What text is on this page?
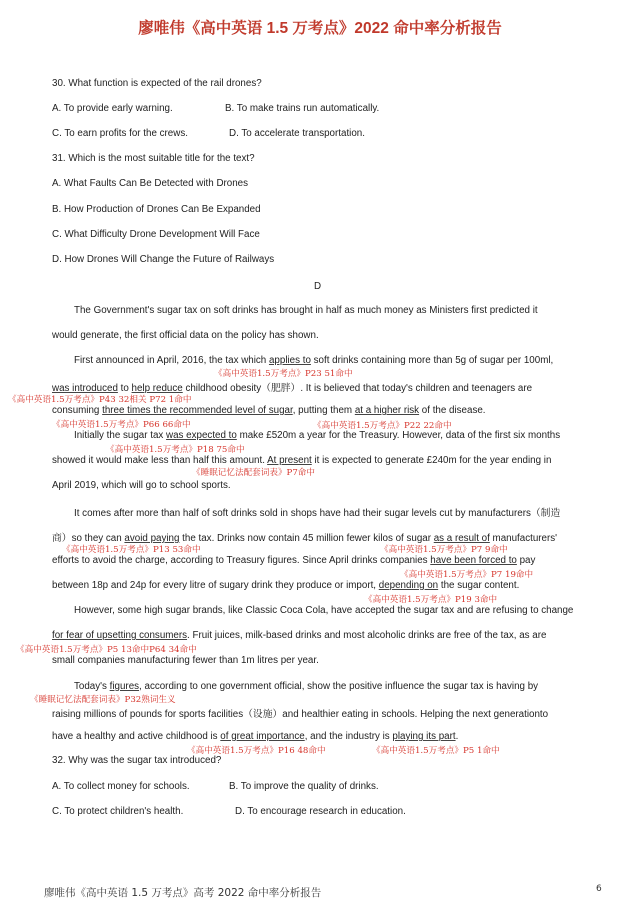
廖唯伟《高中英语 1.5 万考点》2022 命中率分析报告
30. What function is expected of the rail drones?
A. To provide early warning.	B. To make trains run automatically.
C. To earn profits for the crews.	D. To accelerate transportation.
31. Which is the most suitable title for the text?
A. What Faults Can Be Detected with Drones
B. How Production of Drones Can Be Expanded
C. What Difficulty Drone Development Will Face
D. How Drones Will Change the Future of Railways
D
The Government's sugar tax on soft drinks has brought in half as much money as Ministers first predicted it
would generate, the first official data on the policy has shown.
First announced in April, 2016, the tax which applies to soft drinks containing more than 5g of sugar per 100ml,
《高中英语1.5万考点》P23 51命中
was introduced to help reduce childhood obesity（肥胖）. It is believed that today's children and teenagers are
《高中英语1.5万考点》P43 32相关 P72 1命中
consuming three times the recommended level of sugar, putting them at a higher risk of the disease.
《高中英语1.5万考点》P66 66命中	《高中英语1.5万考点》P22 22命中
Initially the sugar tax was expected to make £520m a year for the Treasury. However, data of the first six months
《高中英语1.5万考点》P18 75命中
showed it would make less than half this amount. At present it is expected to generate £240m for the year ending in
《睡眠记忆法配套词表》P7命中
April 2019, which will go to school sports.
It comes after more than half of soft drinks sold in shops have had their sugar levels cut by manufacturers（制造
商）so they can avoid paying the tax. Drinks now contain 45 million fewer kilos of sugar as a result of manufacturers'
《高中英语1.5万考点》P13 53命中	《高中英语1.5万考点》P7 9命中
efforts to avoid the charge, according to Treasury figures. Since April drinks companies have been forced to pay
《高中英语1.5万考点》P7 19命中
between 18p and 24p for every litre of sugary drink they produce or import, depending on the sugar content.
《高中英语1.5万考点》P19 3命中
However, some high sugar brands, like Classic Coca Cola, have accepted the sugar tax and are refusing to change
for fear of upsetting consumers. Fruit juices, milk-based drinks and most alcoholic drinks are free of the tax, as are
《高中英语1.5万考点》P5 13命中P64 34命中
small companies manufacturing fewer than 1m litres per year.
Today's figures, according to one government official, show the positive influence the sugar tax is having by
《睡眠记忆法配套词表》P32熟词生义
raising millions of pounds for sports facilities（设施）and healthier eating in schools. Helping the next generationto
have a healthy and active childhood is of great importance, and the industry is playing its part.
《高中英语1.5万考点》P16 48命中	《高中英语1.5万考点》P5 1命中
32. Why was the sugar tax introduced?
A. To collect money for schools.	B. To improve the quality of drinks.
C. To protect children's health.	D. To encourage research in education.
廖唯伟《高中英语 1.5 万考点》高考 2022 命中率分析报告	6
